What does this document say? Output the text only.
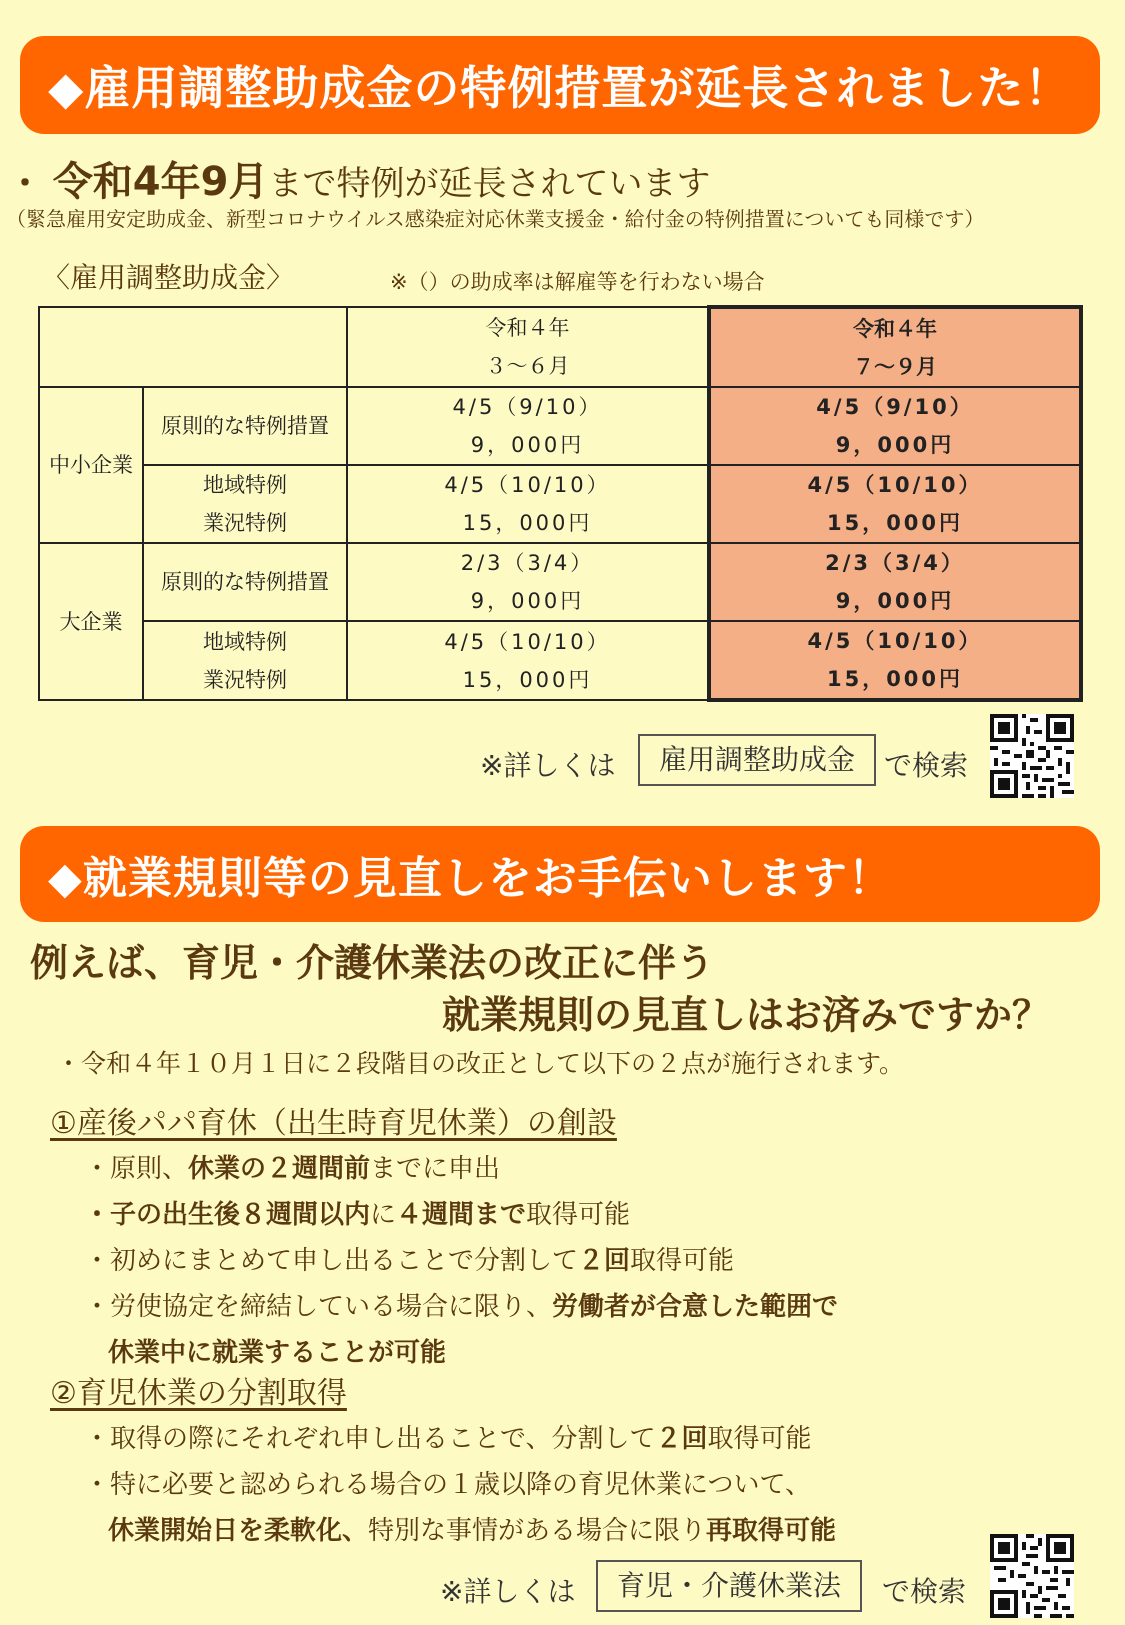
◆雇用調整助成金の特例措置が延長されました！
・ 令和4年9月まで特例が延長されています
（緊急雇用安定助成金、新型コロナウイルス感染症対応休業支援金・給付金の特例措置についても同様です）
〈雇用調整助成金〉	※（）の助成率は解雇等を行わない場合

		令和４年
３～６月	令和４年
７～９月

中小企業	原則的な特例措置	4/5（9/10）
9，000円	4/5（9/10）
9，000円

	地域特例
業況特例	4/5（10/10）
15，000円	4/5（10/10）
15，000円

大企業	原則的な特例措置	2/3（3/4）
9，000円	2/3（3/4）
9，000円

	地域特例
業況特例	4/5（10/10）
15，000円	4/5（10/10）
15，000円
※詳しくは	雇用調整助成金	で検索
◆就業規則等の見直しをお手伝いします！
例えば、育児・介護休業法の改正に伴う
就業規則の見直しはお済みですか？
・令和４年１０月１日に２段階目の改正として以下の２点が施行されます。
①産後パパ育休（出生時育児休業）の創設
・原則、休業の２週間前までに申出
・子の出生後８週間以内に４週間まで取得可能
・初めにまとめて申し出ることで分割して２回取得可能
・労使協定を締結している場合に限り、労働者が合意した範囲で
休業中に就業することが可能
②育児休業の分割取得
・取得の際にそれぞれ申し出ることで、分割して２回取得可能
・特に必要と認められる場合の１歳以降の育児休業について、
休業開始日を柔軟化、特別な事情がある場合に限り再取得可能
※詳しくは	育児・介護休業法	で検索
